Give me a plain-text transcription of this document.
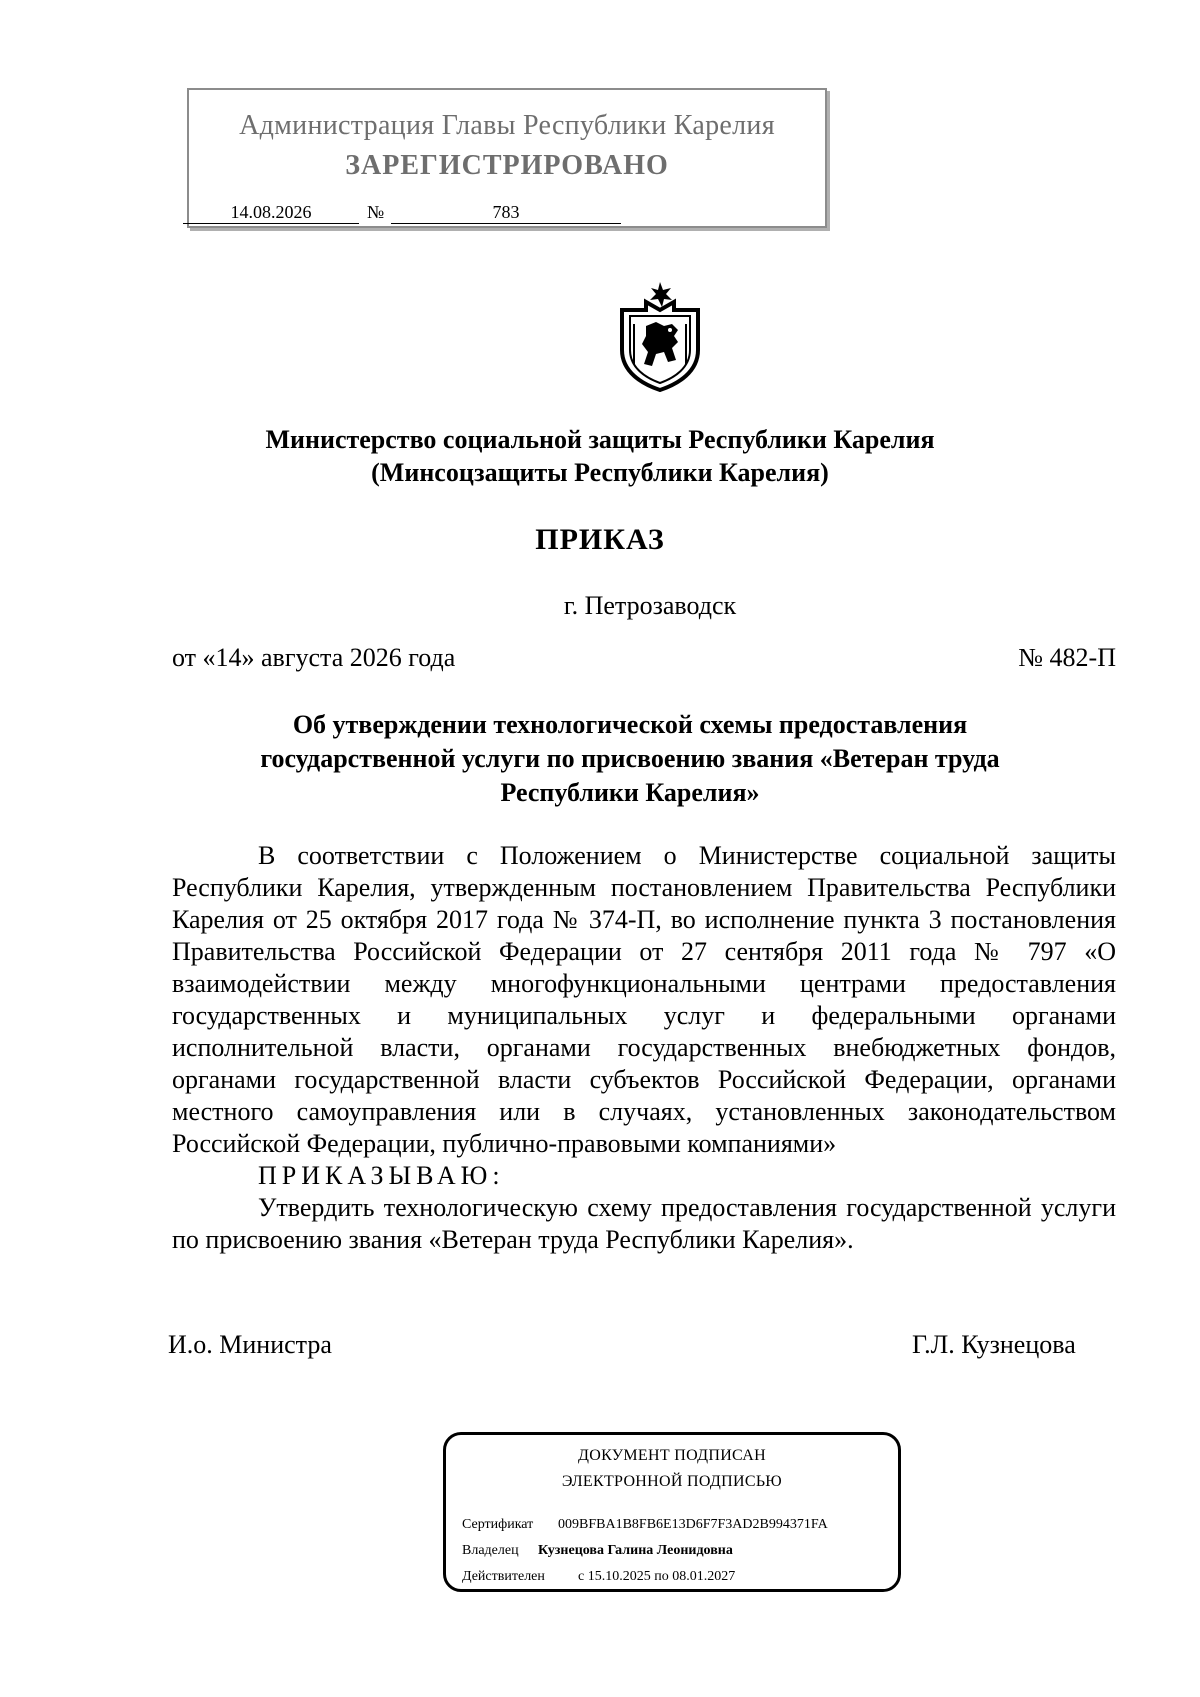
Администрация Главы Республики Карелия
ЗАРЕГИСТРИРОВАНО
14.08.2026	№	783
Министерство социальной защиты Республики Карелия
(Минсоцзащиты Республики Карелия)
ПРИКАЗ
г. Петрозаводск
от «14» августа 2026 года	№ 482-П
Об утверждении технологической схемы предоставления государственной услуги по присвоению звания «Ветеран труда Республики Карелия»

В соответствии с Положением о Министерстве социальной защиты Республики Карелия, утвержденным постановлением Правительства Республики Карелия от 25 октября 2017 года № 374-П, во исполнение пункта 3 постановления Правительства Российской Федерации от 27 сентября 2011 года № 797 «О взаимодействии между многофункциональными центрами предоставления государственных и муниципальных услуг и федеральными органами исполнительной власти, органами государственных внебюджетных фондов, органами государственной власти субъектов Российской Федерации, органами местного самоуправления или в случаях, установленных законодательством Российской Федерации, публично-правовыми компаниями»

ПРИКАЗЫВАЮ:

Утвердить технологическую схему предоставления государственной услуги по присвоению звания «Ветеран труда Республики Карелия».

И.о. Министра	Г.Л. Кузнецова
ДОКУМЕНТ ПОДПИСАН
ЭЛЕКТРОННОЙ ПОДПИСЬЮ
Сертификат 009BFBA1B8FB6E13D6F7F3AD2B994371FA
Владелец Кузнецова Галина Леонидовна
Действителен с 15.10.2025 по 08.01.2027
